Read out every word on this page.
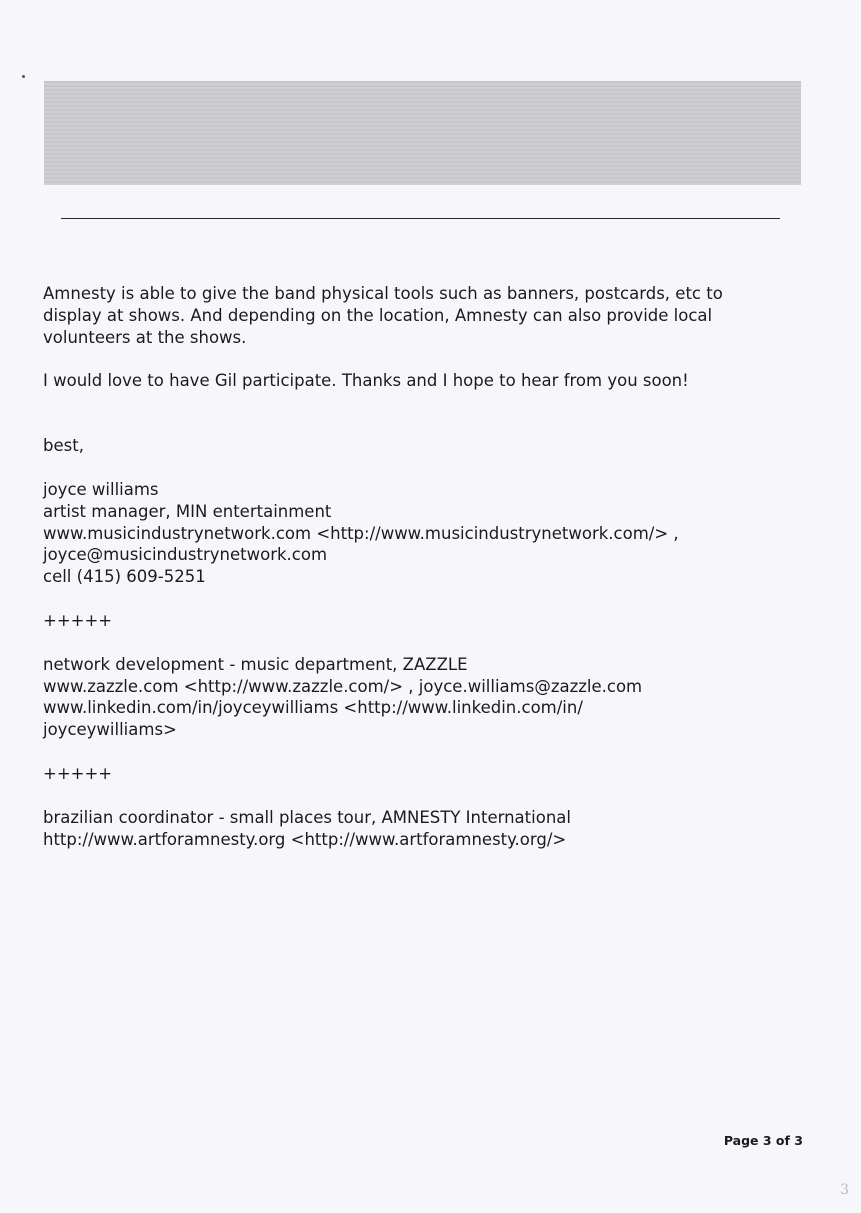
Amnesty is able to give the band physical tools such as banners, postcards, etc to

display at shows. And depending on the location, Amnesty can also provide local

volunteers at the shows.

I would love to have Gil participate. Thanks and I hope to hear from you soon!

best,

joyce williams

artist manager, MIN entertainment

www.musicindustrynetwork.com <http://www.musicindustrynetwork.com/> ,

joyce@musicindustrynetwork.com

cell (415) 609-5251

+++++

network development - music department, ZAZZLE

www.zazzle.com <http://www.zazzle.com/> , joyce.williams@zazzle.com

www.linkedin.com/in/joyceywilliams <http://www.linkedin.com/in/

joyceywilliams>

+++++

brazilian coordinator - small places tour, AMNESTY International

http://www.artforamnesty.org <http://www.artforamnesty.org/>

Page 3 of 3
3
